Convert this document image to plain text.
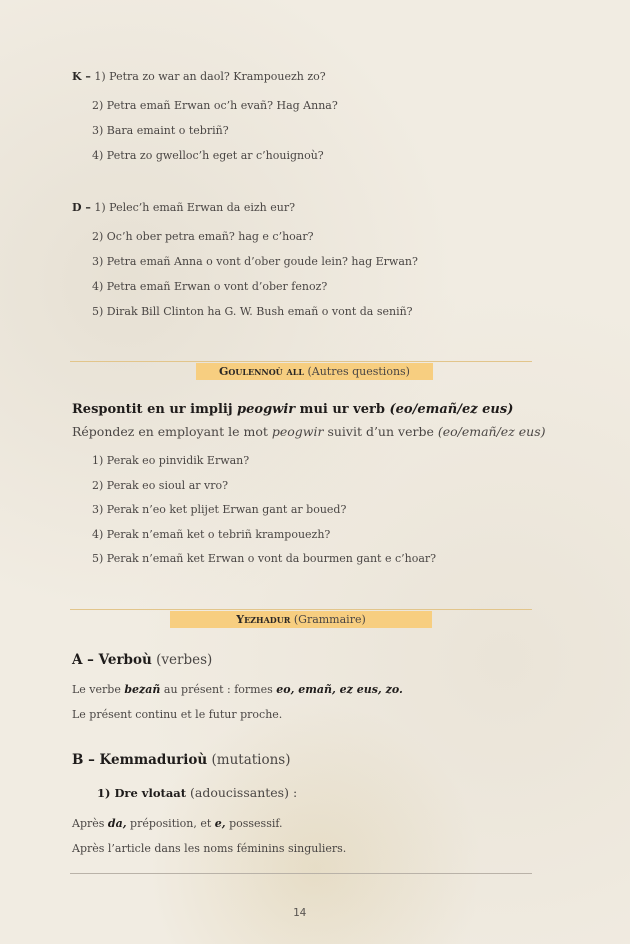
K – 1) Petra zo war an daol? Krampouezh zo?
2) Petra emañ Erwan oc’h evañ? Hag Anna?
3) Bara emaint o tebriñ?
4) Petra zo gwelloc’h eget ar c’houignoù?
D – 1) Pelec’h emañ Erwan da eizh eur?
2) Oc’h ober petra emañ? hag e c’hoar?
3) Petra emañ Anna o vont d’ober goude lein? hag Erwan?
4) Petra emañ Erwan o vont d’ober fenoz?
5) Dirak Bill Clinton ha G. W. Bush emañ o vont da seniñ?
Goulennoù all (Autres questions)
Respontit en ur implij peogwir mui ur verb (eo/emañ/ez eus)
Répondez en employant le mot peogwir suivit d’un verbe (eo/emañ/ez eus)
1) Perak eo pinvidik Erwan?
2) Perak eo sioul ar vro?
3) Perak n’eo ket plijet Erwan gant ar boued?
4) Perak n’emañ ket o tebriñ krampouezh?
5) Perak n’emañ ket Erwan o vont da bourmen gant e c’hoar?
Yezhadur (Grammaire)
A – Verboù (verbes)
Le verbe bezañ au présent : formes eo, emañ, ez eus, zo.
Le présent continu et le futur proche.
B – Kemmadurioù (mutations)
1) Dre vlotaat (adoucissantes) :
Après da, préposition, et e, possessif.
Après l’article dans les noms féminins singuliers.
14
